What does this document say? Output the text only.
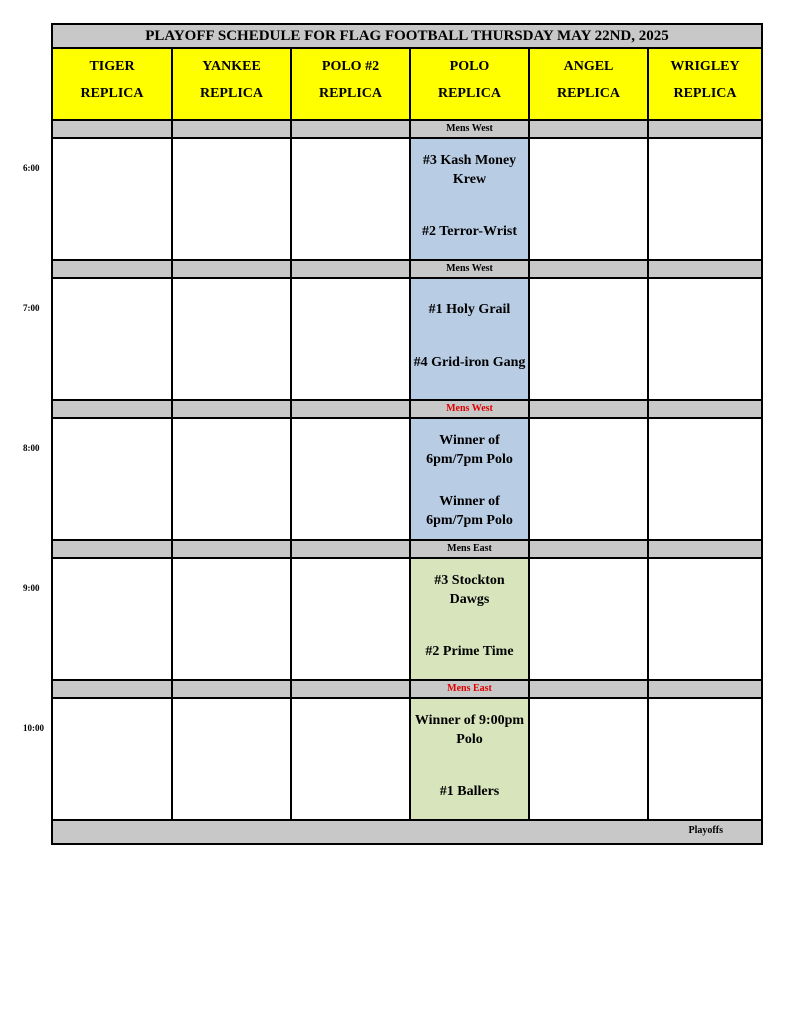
PLAYOFF SCHEDULE FOR FLAG FOOTBALL THURSDAY MAY 22ND, 2025
TIGER
REPLICA
YANKEE
REPLICA
POLO #2
REPLICA
POLO
REPLICA
Mens West
#3 Kash Money Krew
#2 Terror-Wrist
Mens West
#1 Holy Grail
#4 Grid-iron Gang
Mens West
Winner of 6pm/7pm Polo
Winner of 6pm/7pm Polo
Mens East
#3 Stockton Dawgs
#2 Prime Time
Mens East
Winner of 9:00pm Polo
#1 Ballers
ANGEL
REPLICA
WRIGLEY
REPLICA
Playoffs
6:00
7:00
8:00
9:00
10:00
